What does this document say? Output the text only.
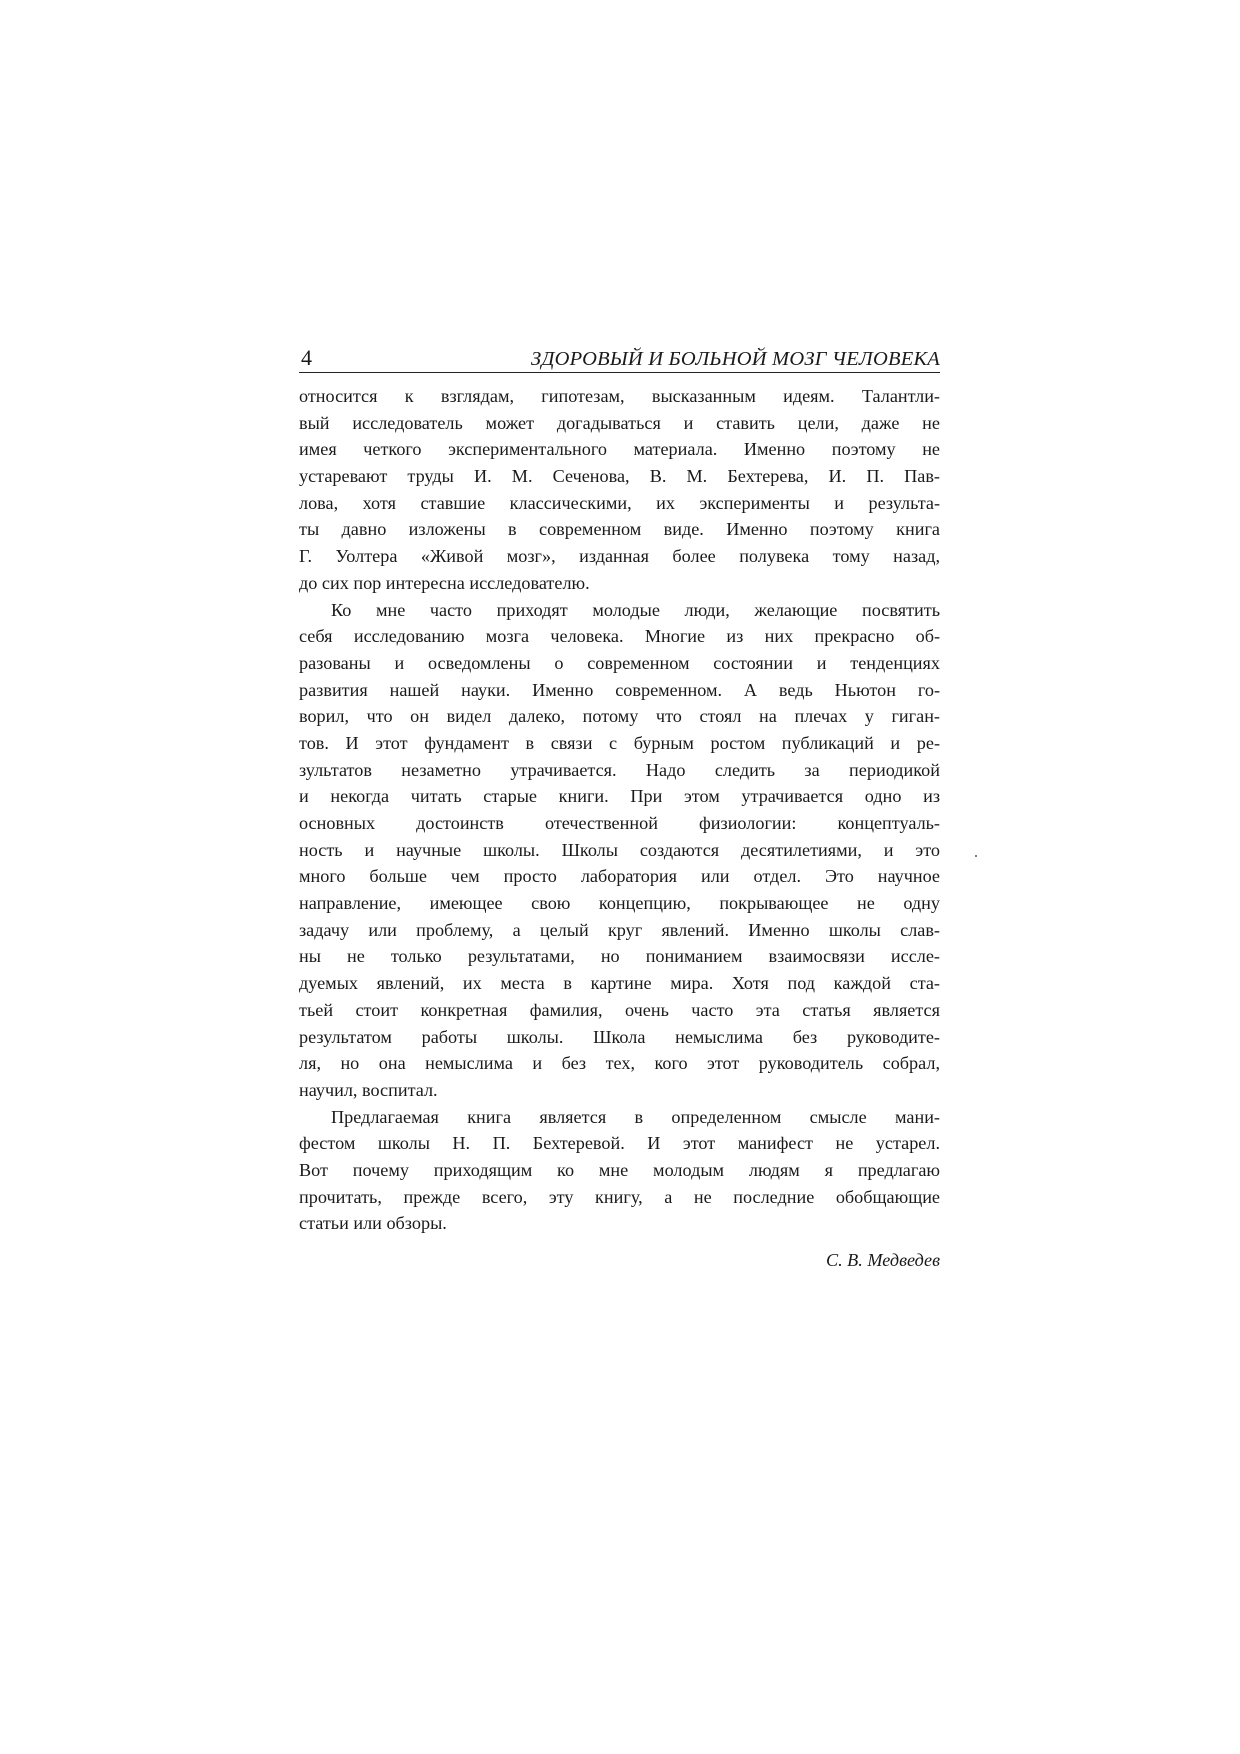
4	ЗДОРОВЫЙ И БОЛЬНОЙ МОЗГ ЧЕЛОВЕКА
относится к взглядам, гипотезам, высказанным идеям. Талантли-
вый исследователь может догадываться и ставить цели, даже не
имея четкого экспериментального материала. Именно поэтому не
устаревают труды И. М. Сеченова, В. М. Бехтерева, И. П. Пав-
лова, хотя ставшие классическими, их эксперименты и результа-
ты давно изложены в современном виде. Именно поэтому книга
Г. Уолтера «Живой мозг», изданная более полувека тому назад,
до сих пор интересна исследователю.
Ко мне часто приходят молодые люди, желающие посвятить
себя исследованию мозга человека. Многие из них прекрасно об-
разованы и осведомлены о современном состоянии и тенденциях
развития нашей науки. Именно современном. А ведь Ньютон го-
ворил, что он видел далеко, потому что стоял на плечах у гиган-
тов. И этот фундамент в связи с бурным ростом публикаций и ре-
зультатов незаметно утрачивается. Надо следить за периодикой
и некогда читать старые книги. При этом утрачивается одно из
основных достоинств отечественной физиологии: концептуаль-
ность и научные школы. Школы создаются десятилетиями, и это
много больше чем просто лаборатория или отдел. Это научное
направление, имеющее свою концепцию, покрывающее не одну
задачу или проблему, а целый круг явлений. Именно школы слав-
ны не только результатами, но пониманием взаимосвязи иссле-
дуемых явлений, их места в картине мира. Хотя под каждой ста-
тьей стоит конкретная фамилия, очень часто эта статья является
результатом работы школы. Школа немыслима без руководите-
ля, но она немыслима и без тех, кого этот руководитель собрал,
научил, воспитал.
Предлагаемая книга является в определенном смысле мани-
фестом школы Н. П. Бехтеревой. И этот манифест не устарел.
Вот почему приходящим ко мне молодым людям я предлагаю
прочитать, прежде всего, эту книгу, а не последние обобщающие
статьи или обзоры.
С. В. Медведев
